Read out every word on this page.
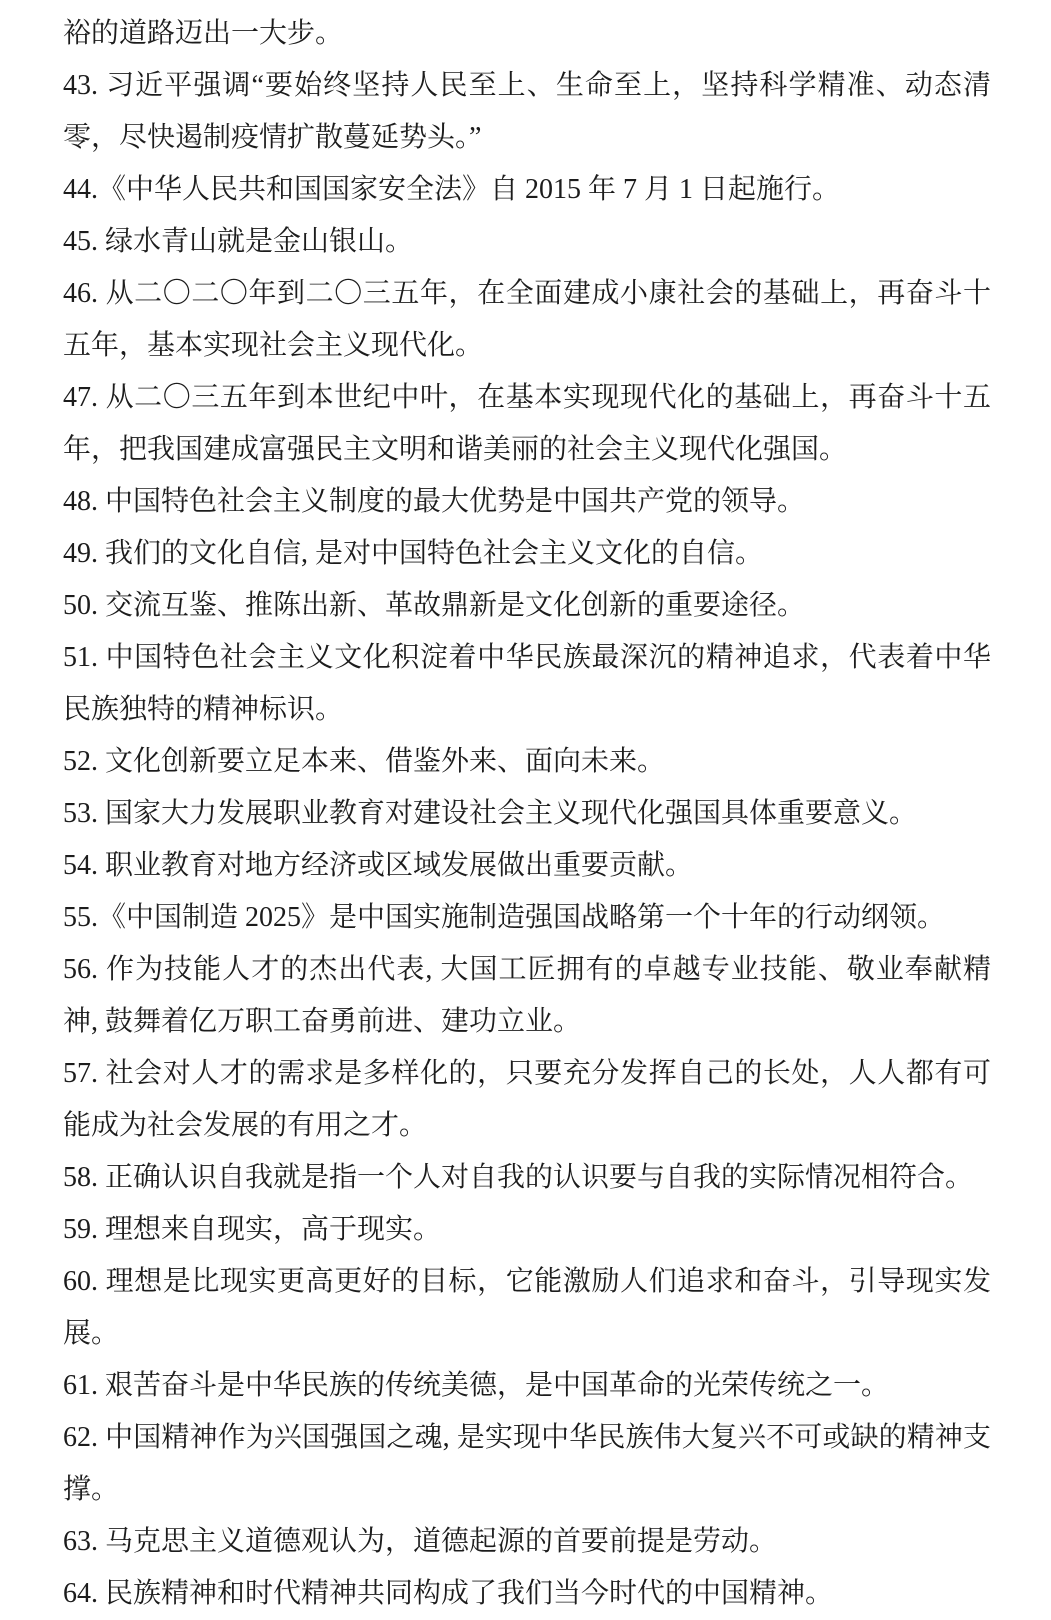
裕的道路迈出一大步。

43. 习近平强调“要始终坚持人民至上、生命至上，坚持科学精准、动态清零，尽快遏制疫情扩散蔓延势头。”

44.《中华人民共和国国家安全法》自 2015 年 7 月 1 日起施行。

45. 绿水青山就是金山银山。

46. 从二〇二〇年到二〇三五年，在全面建成小康社会的基础上，再奋斗十五年，基本实现社会主义现代化。

47. 从二〇三五年到本世纪中叶，在基本实现现代化的基础上，再奋斗十五年，把我国建成富强民主文明和谐美丽的社会主义现代化强国。

48. 中国特色社会主义制度的最大优势是中国共产党的领导。

49. 我们的文化自信, 是对中国特色社会主义文化的自信。

50. 交流互鉴、推陈出新、革故鼎新是文化创新的重要途径。

51. 中国特色社会主义文化积淀着中华民族最深沉的精神追求，代表着中华民族独特的精神标识。

52. 文化创新要立足本来、借鉴外来、面向未来。

53. 国家大力发展职业教育对建设社会主义现代化强国具体重要意义。

54. 职业教育对地方经济或区域发展做出重要贡献。

55.《中国制造 2025》是中国实施制造强国战略第一个十年的行动纲领。

56. 作为技能人才的杰出代表, 大国工匠拥有的卓越专业技能、敬业奉献精神, 鼓舞着亿万职工奋勇前进、建功立业。

57. 社会对人才的需求是多样化的，只要充分发挥自己的长处，人人都有可能成为社会发展的有用之才。

58. 正确认识自我就是指一个人对自我的认识要与自我的实际情况相符合。

59. 理想来自现实，高于现实。

60. 理想是比现实更高更好的目标，它能激励人们追求和奋斗，引导现实发展。

61. 艰苦奋斗是中华民族的传统美德，是中国革命的光荣传统之一。

62. 中国精神作为兴国强国之魂, 是实现中华民族伟大复兴不可或缺的精神支撑。

63. 马克思主义道德观认为，道德起源的首要前提是劳动。

64. 民族精神和时代精神共同构成了我们当今时代的中国精神。
